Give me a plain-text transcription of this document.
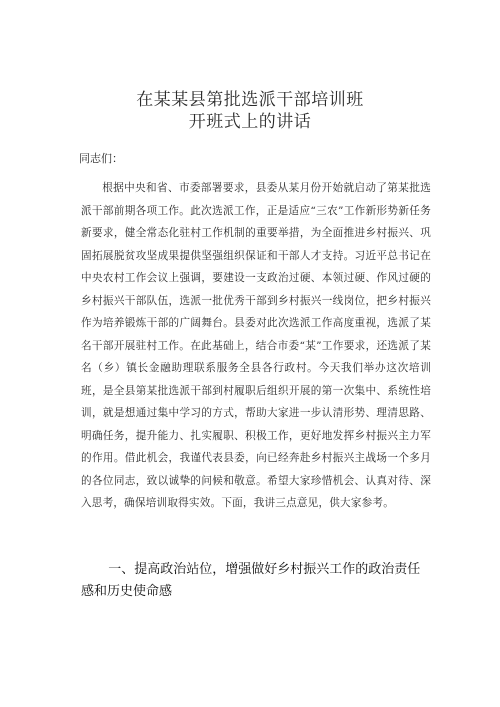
在某某县第批选派干部培训班
开班式上的讲话
同志们：
根据中央和省、市委部署要求，县委从某月份开始就启动了第某批选派干部前期各项工作。此次选派工作，正是适应“三农”工作新形势新任务新要求，健全常态化驻村工作机制的重要举措，为全面推进乡村振兴、巩固拓展脱贫攻坚成果提供坚强组织保证和干部人才支持。习近平总书记在中央农村工作会议上强调，要建设一支政治过硬、本领过硬、作风过硬的乡村振兴干部队伍，选派一批优秀干部到乡村振兴一线岗位，把乡村振兴作为培养锻炼干部的广阔舞台。县委对此次选派工作高度重视，选派了某名干部开展驻村工作。在此基础上，结合市委“某”工作要求，还选派了某名（乡）镇长金融助理联系服务全县各行政村。今天我们举办这次培训班，是全县第某批选派干部到村履职后组织开展的第一次集中、系统性培训，就是想通过集中学习的方式，帮助大家进一步认清形势、理清思路、明确任务，提升能力、扎实履职、积极工作，更好地发挥乡村振兴主力军的作用。借此机会，我谨代表县委，向已经奔赴乡村振兴主战场一个多月的各位同志，致以诚挚的问候和敬意。希望大家珍惜机会、认真对待、深入思考，确保培训取得实效。下面，我讲三点意见，供大家参考。
一、提高政治站位，增强做好乡村振兴工作的政治责任感和历史使命感
